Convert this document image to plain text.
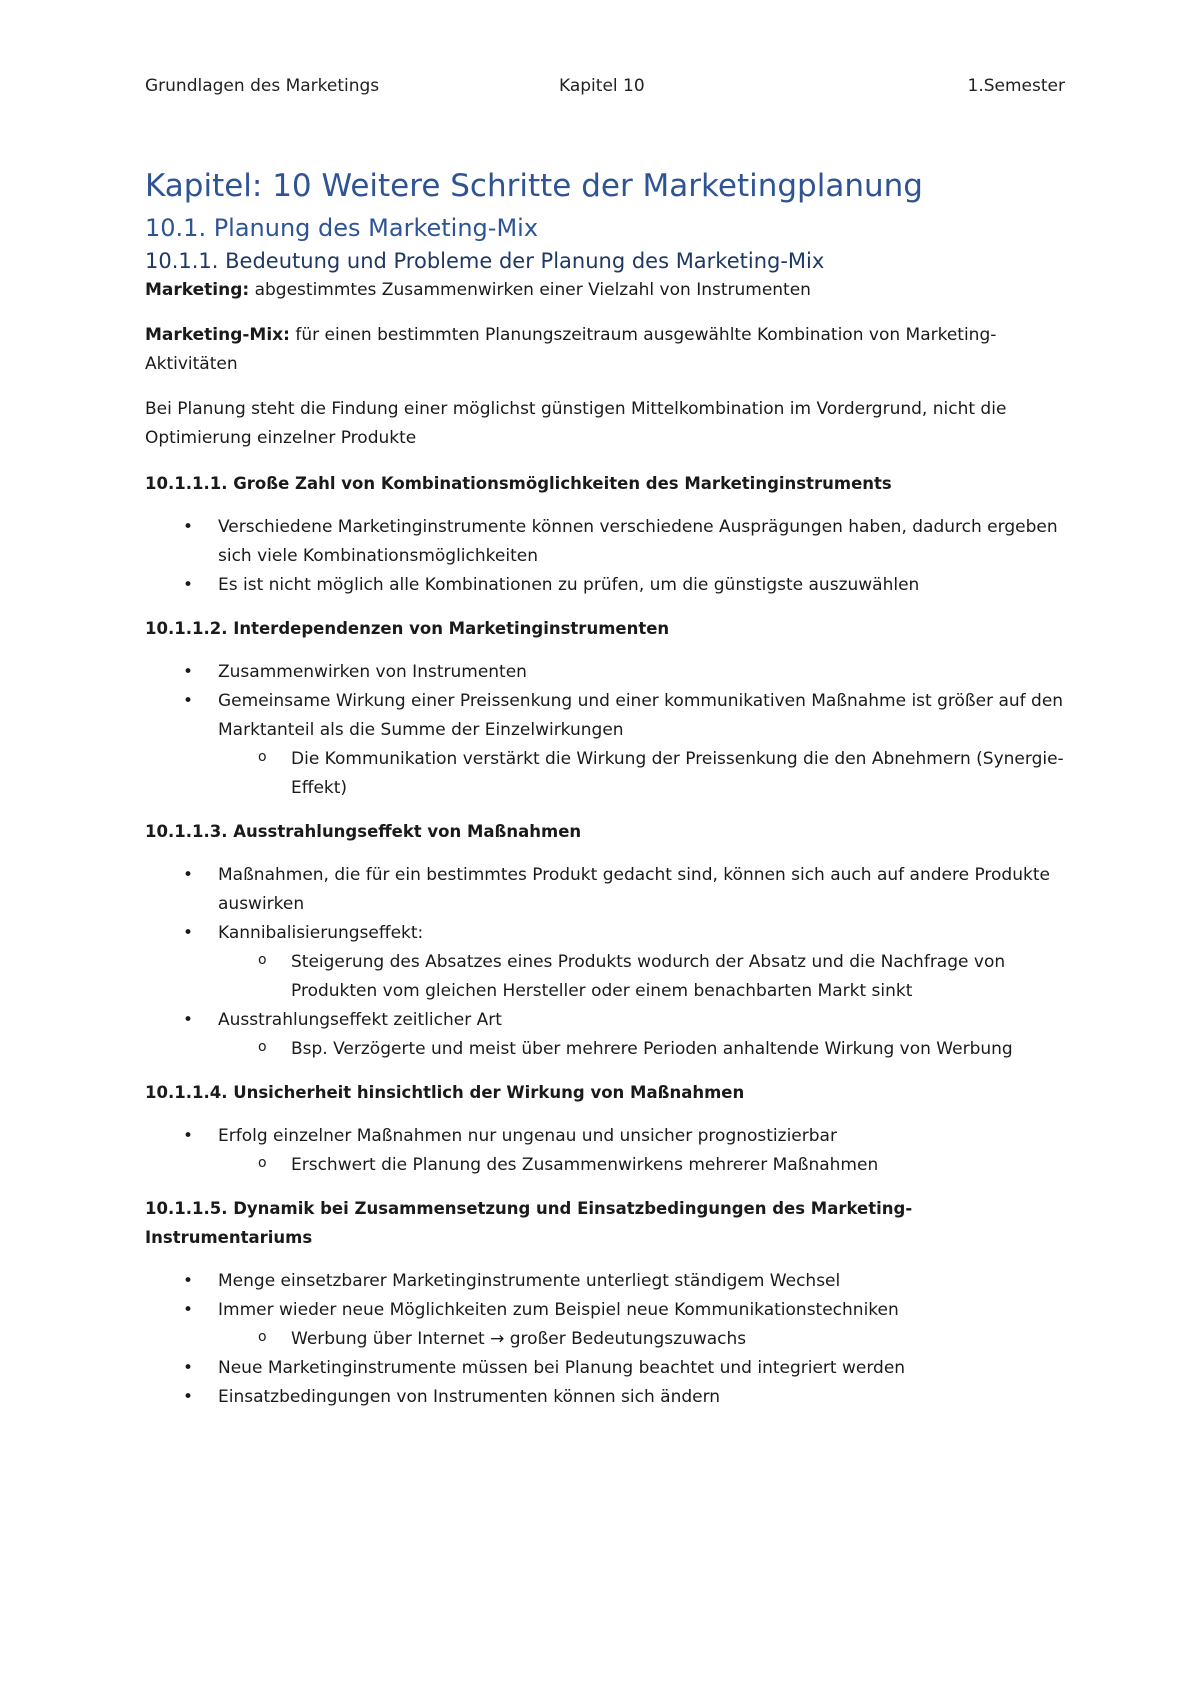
Grundlagen des Marketings	Kapitel 10	1.Semester
Kapitel: 10 Weitere Schritte der Marketingplanung
10.1. Planung des Marketing-Mix
10.1.1. Bedeutung und Probleme der Planung des Marketing-Mix

Marketing: abgestimmtes Zusammenwirken einer Vielzahl von Instrumenten

Marketing-Mix: für einen bestimmten Planungszeitraum ausgewählte Kombination von Marketing-Aktivitäten

Bei Planung steht die Findung einer möglichst günstigen Mittelkombination im Vordergrund, nicht die Optimierung einzelner Produkte

10.1.1.1. Große Zahl von Kombinationsmöglichkeiten des Marketinginstruments
• Verschiedene Marketinginstrumente können verschiedene Ausprägungen haben, dadurch ergeben sich viele Kombinationsmöglichkeiten
• Es ist nicht möglich alle Kombinationen zu prüfen, um die günstigste auszuwählen
10.1.1.2. Interdependenzen von Marketinginstrumenten
• Zusammenwirken von Instrumenten
• Gemeinsame Wirkung einer Preissenkung und einer kommunikativen Maßnahme ist größer auf den Marktanteil als die Summe der Einzelwirkungen
o Die Kommunikation verstärkt die Wirkung der Preissenkung die den Abnehmern (Synergie-Effekt)
10.1.1.3. Ausstrahlungseffekt von Maßnahmen
• Maßnahmen, die für ein bestimmtes Produkt gedacht sind, können sich auch auf andere Produkte auswirken
• Kannibalisierungseffekt:
o Steigerung des Absatzes eines Produkts wodurch der Absatz und die Nachfrage von Produkten vom gleichen Hersteller oder einem benachbarten Markt sinkt
• Ausstrahlungseffekt zeitlicher Art
o Bsp. Verzögerte und meist über mehrere Perioden anhaltende Wirkung von Werbung
10.1.1.4. Unsicherheit hinsichtlich der Wirkung von Maßnahmen
• Erfolg einzelner Maßnahmen nur ungenau und unsicher prognostizierbar
o Erschwert die Planung des Zusammenwirkens mehrerer Maßnahmen
10.1.1.5. Dynamik bei Zusammensetzung und Einsatzbedingungen des Marketing-Instrumentariums
• Menge einsetzbarer Marketinginstrumente unterliegt ständigem Wechsel
• Immer wieder neue Möglichkeiten zum Beispiel neue Kommunikationstechniken
o Werbung über Internet → großer Bedeutungszuwachs
• Neue Marketinginstrumente müssen bei Planung beachtet und integriert werden
• Einsatzbedingungen von Instrumenten können sich ändern
